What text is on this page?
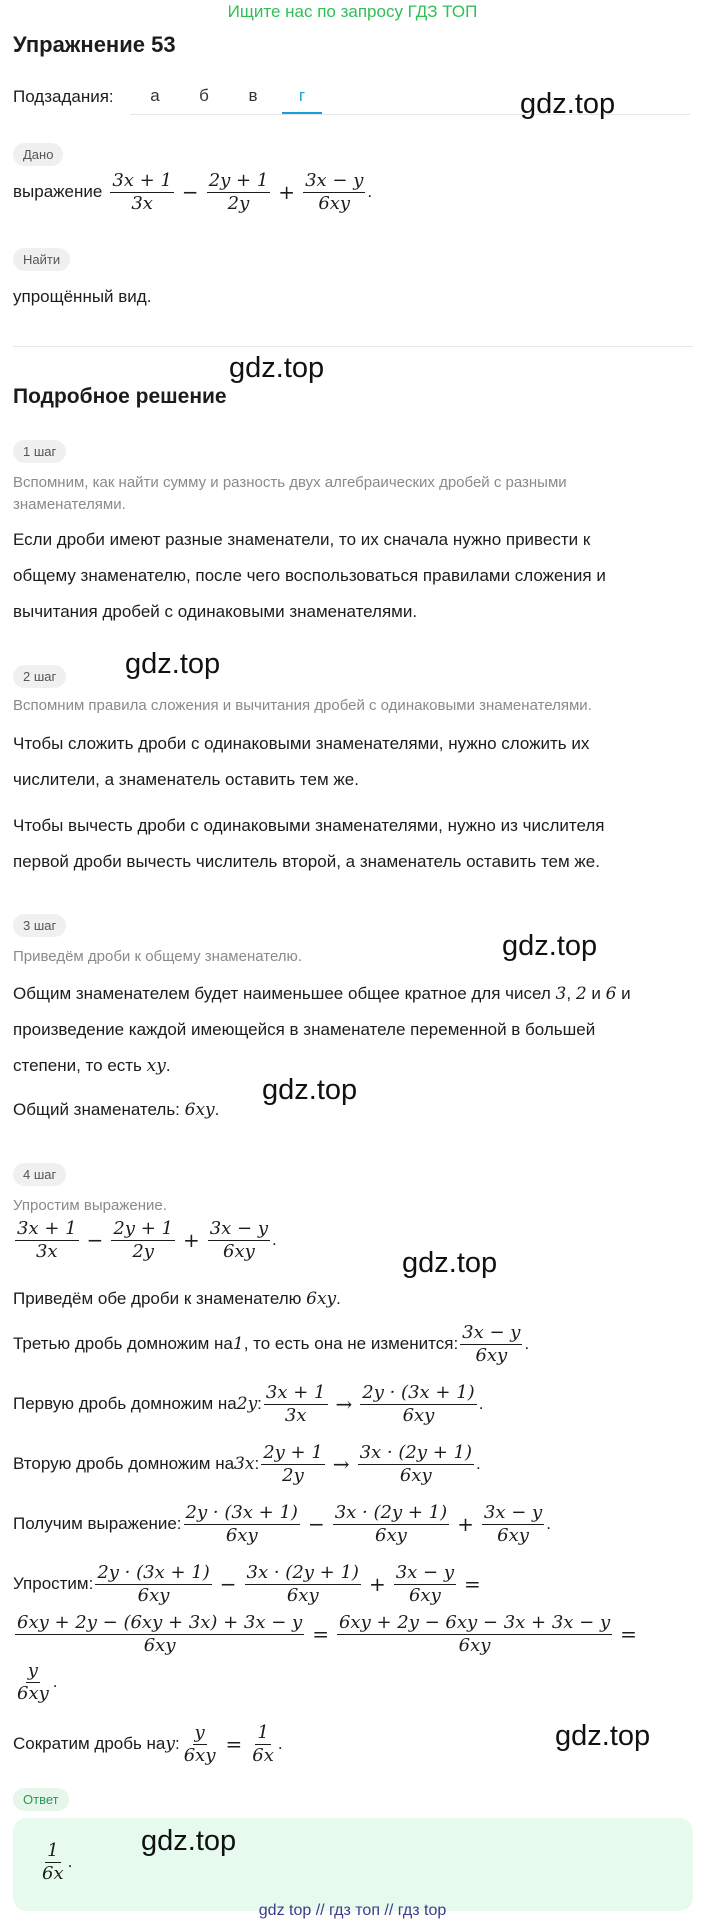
Ищите нас по запросу ГДЗ ТОП
Упражнение 53
Подзадания:	а	б	в	г	gdz.top
Дано
выражение $\frac{3x + 1}{3x} - \frac{2y + 1}{2y} + \frac{3x - y}{6xy}$ .
Найти
упрощённый вид.
gdz.top
Подробное решение
1 шаг
Вспомним, как найти сумму и разность двух алгебраических дробей с разными знаменателями.
Если дроби имеют разные знаменатели, то их сначала нужно привести к
общему знаменателю, после чего воспользоваться правилами сложения и
вычитания дробей с одинаковыми знаменателями.
2 шаг	gdz.top
Вспомним правила сложения и вычитания дробей с одинаковыми знаменателями.
Чтобы сложить дроби с одинаковыми знаменателями, нужно сложить их
числители, а знаменатель оставить тем же.
Чтобы вычесть дроби с одинаковыми знаменателями, нужно из числителя
первой дроби вычесть числитель второй, а знаменатель оставить тем же.
3 шаг
Приведём дроби к общему знаменателю.	gdz.top
Общим знаменателем будет наименьшее общее кратное для чисел 3, 2 и 6 и
произведение каждой имеющейся в знаменателе переменной в большей
степени, то есть xy.
gdz.top
Общий знаменатель: 6xy.
4 шаг
Упростим выражение.
$\frac{3x + 1}{3x} - \frac{2y + 1}{2y} + \frac{3x - y}{6xy}$ .
gdz.top
Приведём обе дроби к знаменателю 6xy.
Третью дробь домножим на 1 , то есть она не изменится: $\frac{3x - y}{6xy}$ .
Первую дробь домножим на 2y : $\frac{3x + 1}{3x} \to \frac{2y \cdot (3x + 1)}{6xy}$ .
Вторую дробь домножим на 3x : $\frac{2y + 1}{2y} \to \frac{3x \cdot (2y + 1)}{6xy}$ .
Получим выражение: $\frac{2y \cdot (3x + 1)}{6xy} - \frac{3x \cdot (2y + 1)}{6xy} + \frac{3x - y}{6xy}$ .
Упростим: $\frac{2y \cdot (3x + 1)}{6xy} - \frac{3x \cdot (2y + 1)}{6xy} + \frac{3x - y}{6xy}$ =
$\frac{6xy + 2y - (6xy + 3x) + 3x - y}{6xy} = \frac{6xy + 2y - 6xy - 3x + 3x - y}{6xy}$ =
$\frac{y}{6xy}$ .
Сократим дробь на y : $\frac{y}{6xy} = \frac{1}{6x}$ .	gdz.top
Ответ
$\frac{1}{6x}$ .
gdz.top
gdz top // гдз топ // гдз top
